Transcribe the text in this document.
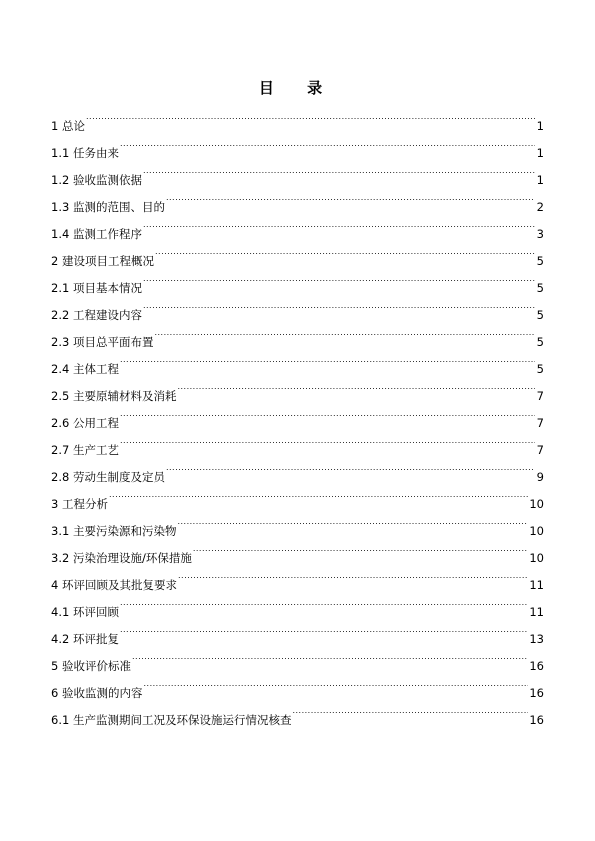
目 录
1 总论 .....	1
1.1 任务由来 .....	1
1.2 验收监测依据 .....	1
1.3 监测的范围、目的 .....	2
1.4 监测工作程序 .....	3
2 建设项目工程概况 .....	5
2.1 项目基本情况 .....	5
2.2 工程建设内容 .....	5
2.3 项目总平面布置 .....	5
2.4 主体工程 .....	5
2.5 主要原辅材料及消耗 .....	7
2.6 公用工程 .....	7
2.7 生产工艺 .....	7
2.8 劳动生制度及定员 .....	9
3 工程分析 .....	10
3.1 主要污染源和污染物 .....	10
3.2 污染治理设施/环保措施 .....	10
4 环评回顾及其批复要求 .....	11
4.1 环评回顾 .....	11
4.2 环评批复 .....	13
5 验收评价标准 .....	16
6 验收监测的内容 .....	16
6.1 生产监测期间工况及环保设施运行情况核查 .....	16
